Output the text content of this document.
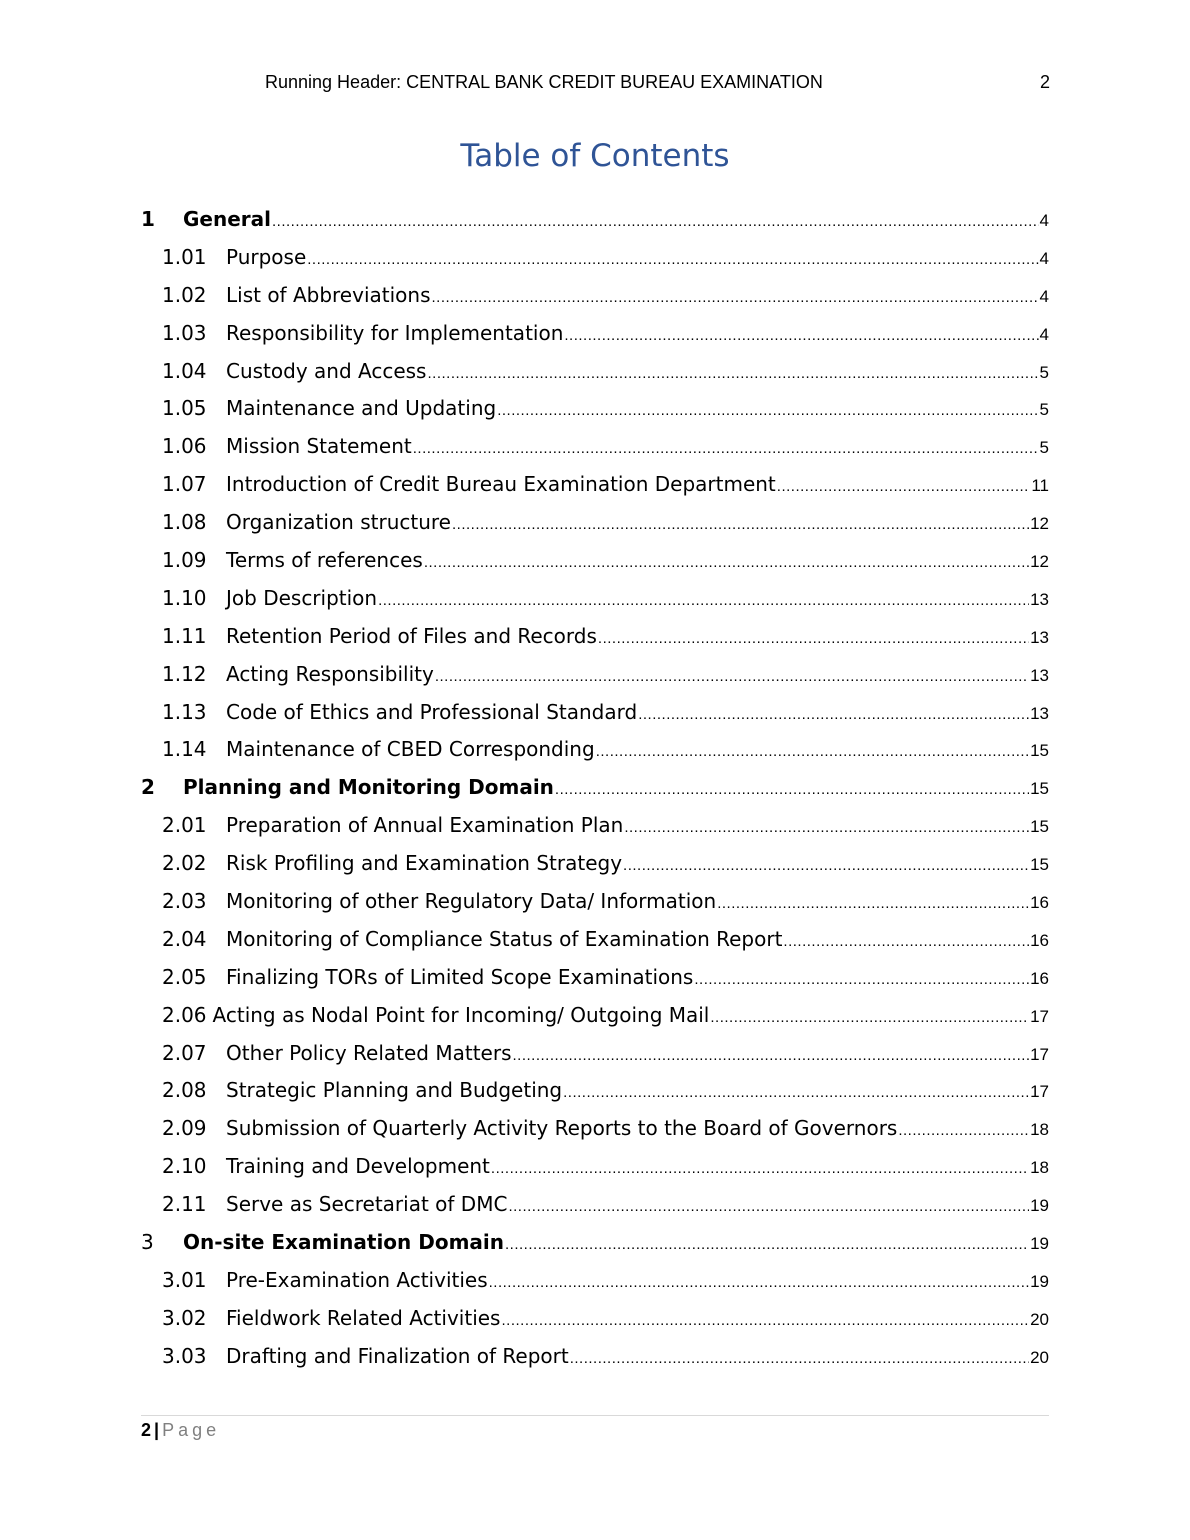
Running Header: CENTRAL BANK CREDIT BUREAU EXAMINATION	2
Table of Contents
1	General .....	4
1.01 Purpose .....	4
1.02 List of Abbreviations .....	4
1.03 Responsibility for Implementation .....	4
1.04 Custody and Access .....	5
1.05 Maintenance and Updating .....	5
1.06 Mission Statement .....	5
1.07 Introduction of Credit Bureau Examination Department .....	11
1.08 Organization structure .....	12
1.09 Terms of references .....	12
1.10 Job Description .....	13
1.11 Retention Period of Files and Records .....	13
1.12 Acting Responsibility .....	13
1.13 Code of Ethics and Professional Standard .....	13
1.14 Maintenance of CBED Corresponding .....	15
2	Planning and Monitoring Domain .....	15
2.01 Preparation of Annual Examination Plan .....	15
2.02 Risk Profiling and Examination Strategy .....	15
2.03 Monitoring of other Regulatory Data/ Information .....	16
2.04 Monitoring of Compliance Status of Examination Report .....	16
2.05 Finalizing TORs of Limited Scope Examinations .....	16
2.06 Acting as Nodal Point for Incoming/ Outgoing Mail .....	17
2.07 Other Policy Related Matters .....	17
2.08 Strategic Planning and Budgeting .....	17
2.09 Submission of Quarterly Activity Reports to the Board of Governors .....	18
2.10 Training and Development .....	18
2.11 Serve as Secretariat of DMC .....	19
3	On-site Examination Domain .....	19
3.01 Pre-Examination Activities .....	19
3.02 Fieldwork Related Activities .....	20
3.03 Drafting and Finalization of Report .....	20
2 | Page
